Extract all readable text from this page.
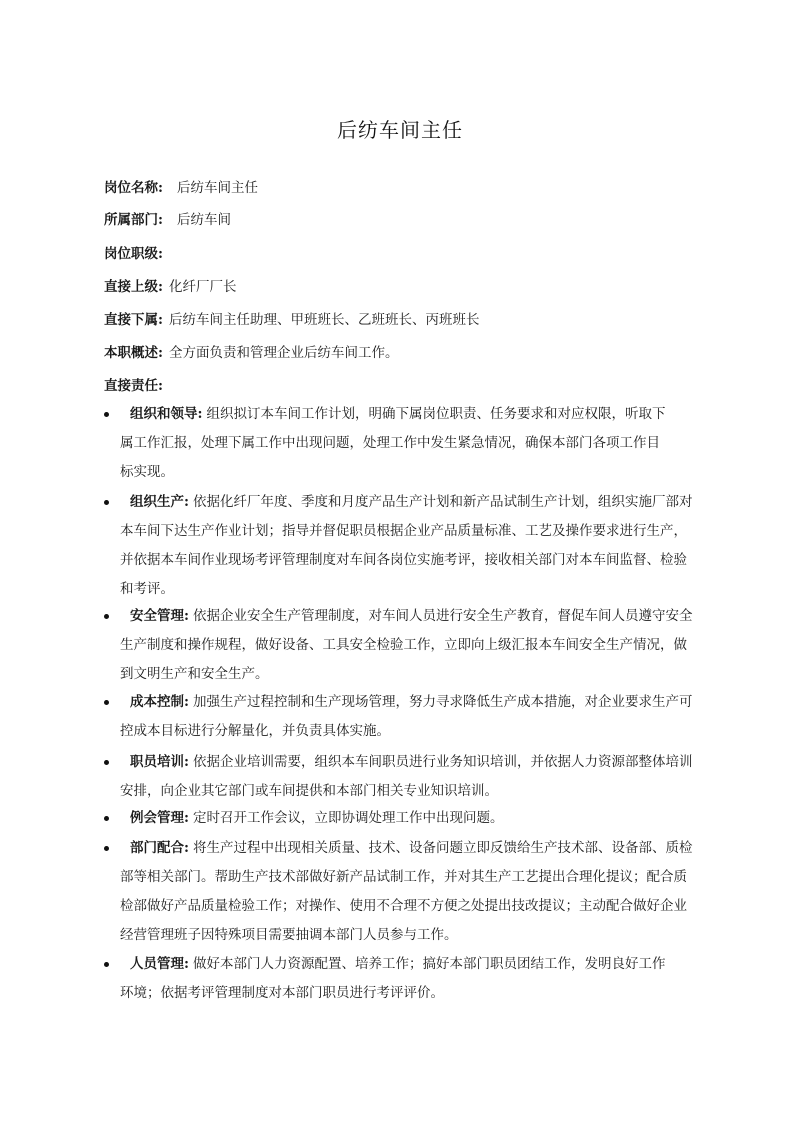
后纺车间主任
岗位名称: 后纺车间主任
所属部门: 后纺车间
岗位职级:
直接上级: 化纤厂厂长
直接下属: 后纺车间主任助理、甲班班长、乙班班长、丙班班长
本职概述: 全方面负责和管理企业后纺车间工作。
直接责任:
组织和领导: 组织拟订本车间工作计划，明确下属岗位职责、任务要求和对应权限，听取下
属工作汇报，处理下属工作中出现问题，处理工作中发生紧急情况，确保本部门各项工作目
标实现。
组织生产: 依据化纤厂年度、季度和月度产品生产计划和新产品试制生产计划，组织实施厂部对
本车间下达生产作业计划；指导并督促职员根据企业产品质量标准、工艺及操作要求进行生产，
并依据本车间作业现场考评管理制度对车间各岗位实施考评，接收相关部门对本车间监督、检验
和考评。
安全管理: 依据企业安全生产管理制度，对车间人员进行安全生产教育，督促车间人员遵守安全
生产制度和操作规程，做好设备、工具安全检验工作，立即向上级汇报本车间安全生产情况，做
到文明生产和安全生产。
成本控制: 加强生产过程控制和生产现场管理，努力寻求降低生产成本措施，对企业要求生产可
控成本目标进行分解量化，并负责具体实施。
职员培训: 依据企业培训需要，组织本车间职员进行业务知识培训，并依据人力资源部整体培训
安排，向企业其它部门或车间提供和本部门相关专业知识培训。
例会管理: 定时召开工作会议，立即协调处理工作中出现问题。
部门配合: 将生产过程中出现相关质量、技术、设备问题立即反馈给生产技术部、设备部、质检
部等相关部门。帮助生产技术部做好新产品试制工作，并对其生产工艺提出合理化提议；配合质
检部做好产品质量检验工作；对操作、使用不合理不方便之处提出技改提议；主动配合做好企业
经营管理班子因特殊项目需要抽调本部门人员参与工作。
人员管理: 做好本部门人力资源配置、培养工作；搞好本部门职员团结工作，发明良好工作
环境；依据考评管理制度对本部门职员进行考评评价。
